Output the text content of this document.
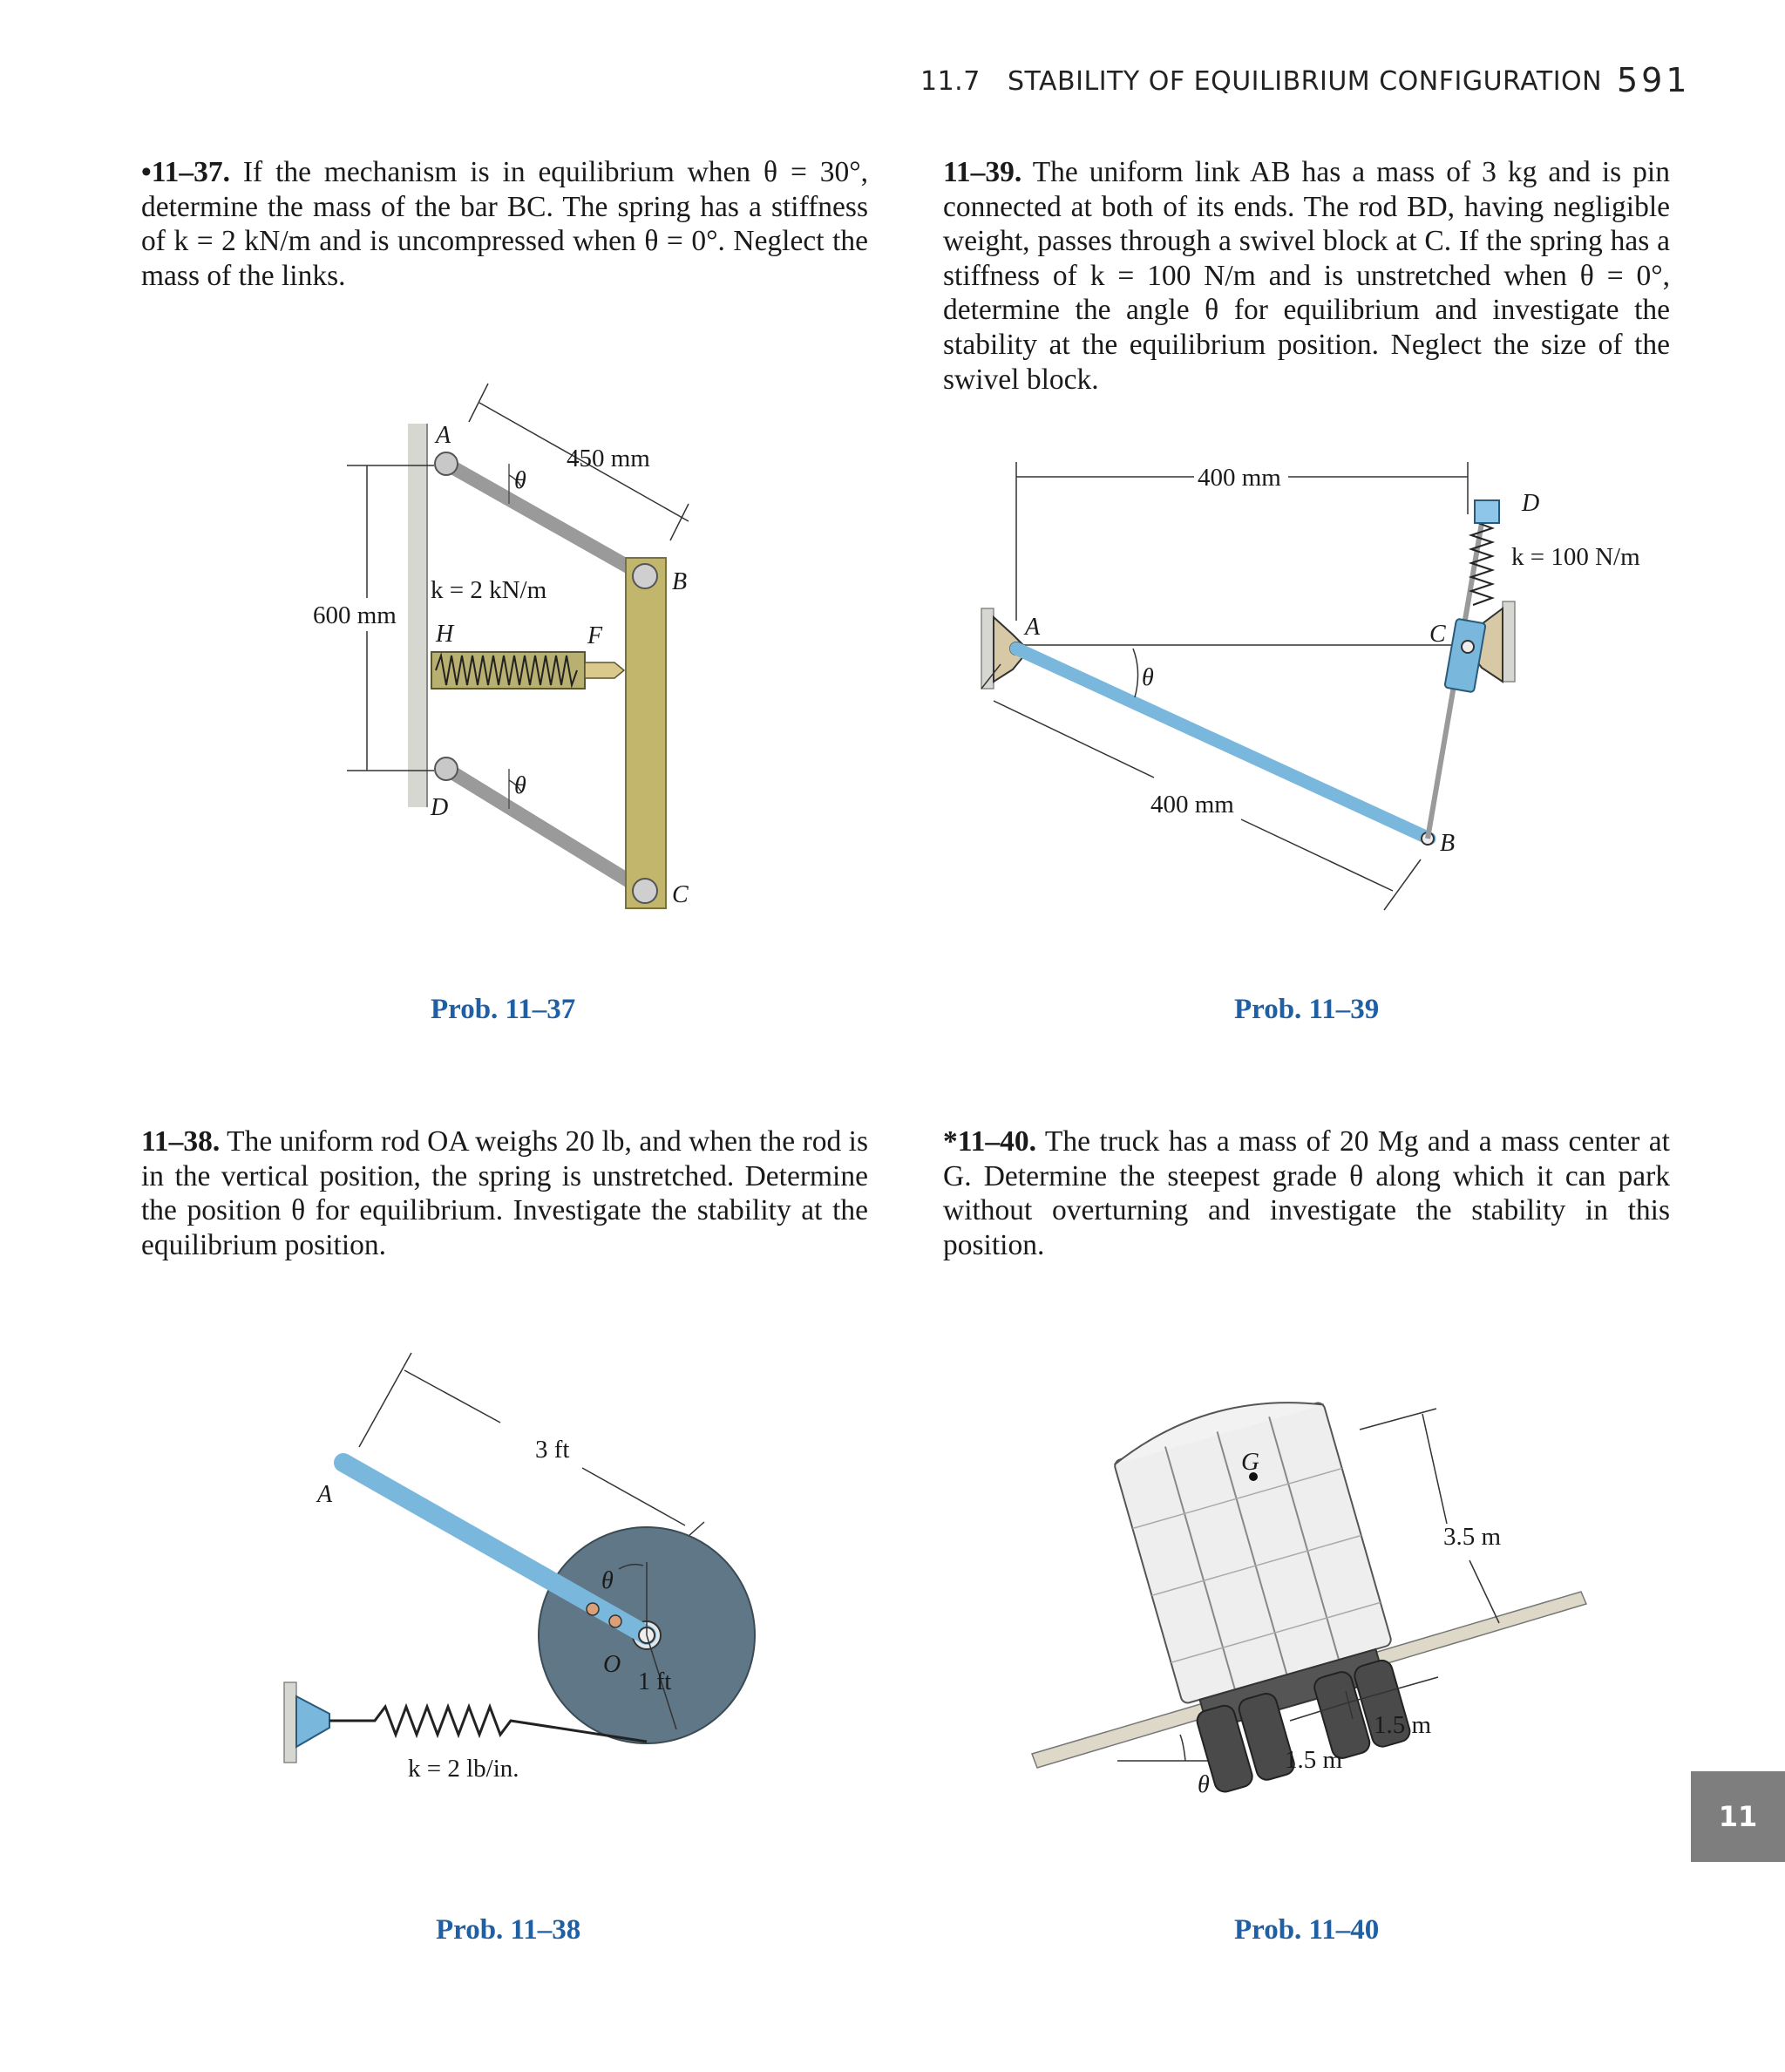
11.7 STABILITY OF EQUILIBRIUM CONFIGURATION 591
•11–37. If the mechanism is in equilibrium when θ = 30°, determine the mass of the bar BC. The spring has a stiffness of k = 2 kN/m and is uncompressed when θ = 0°. Neglect the mass of the links.
11–39. The uniform link AB has a mass of 3 kg and is pin connected at both of its ends. The rod BD, having negligible weight, passes through a swivel block at C. If the spring has a stiffness of k = 100 N/m and is unstretched when θ = 0°, determine the angle θ for equilibrium and investigate the stability at the equilibrium position. Neglect the size of the swivel block.
A
B
C
D
H	F
θ
θ
450 mm
600 mm
k = 2 kN/m
Prob. 11–37
A
B
C
D
θ
400 mm
400 mm
k = 100 N/m
Prob. 11–39
11–38. The uniform rod OA weighs 20 lb, and when the rod is in the vertical position, the spring is unstretched. Determine the position θ for equilibrium. Investigate the stability at the equilibrium position.
*11–40. The truck has a mass of 20 Mg and a mass center at G. Determine the steepest grade θ along which it can park without overturning and investigate the stability in this position.
A
O
θ
3 ft
1 ft
k = 2 lb/in.
Prob. 11–38
G
θ
3.5 m
1.5 m
1.5 m
Prob. 11–40
11
